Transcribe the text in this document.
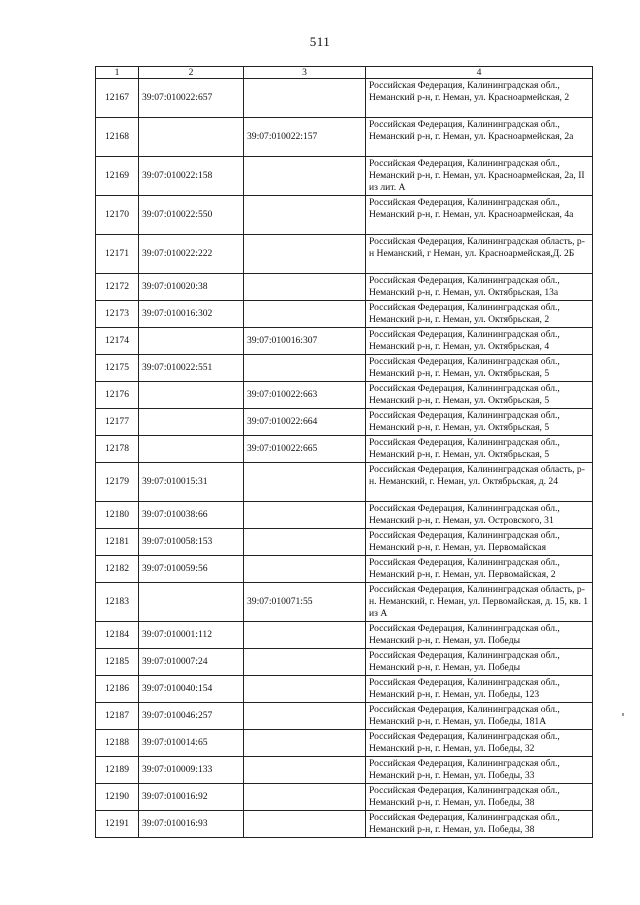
511
1	2	3	4
12167	39:07:010022:657		Российская Федерация, Калининградская обл., Неманский р-н, г. Неман, ул. Красноармейская, 2
12168		39:07:010022:157	Российская Федерация, Калининградская обл., Неманский р-н, г. Неман, ул. Красноармейская, 2а
12169	39:07:010022:158		Российская Федерация, Калининградская обл., Неманский р-н, г. Неман, ул. Красноармейская, 2а, II из лит. А
12170	39:07:010022:550		Российская Федерация, Калининградская обл., Неманский р-н, г. Неман, ул. Красноармейская, 4а
12171	39:07:010022:222		Российская Федерация, Калининградская область, р-н Неманский, г Неман, ул. Красноармейская,Д. 2Б
12172	39:07:010020:38		Российская Федерация, Калининградская обл., Неманский р-н, г. Неман, ул. Октябрьская, 13а
12173	39:07:010016:302		Российская Федерация, Калининградская обл., Неманский р-н, г. Неман, ул. Октябрьская, 2
12174		39:07:010016:307	Российская Федерация, Калининградская обл., Неманский р-н, г. Неман, ул. Октябрьская, 4
12175	39:07:010022:551		Российская Федерация, Калининградская обл., Неманский р-н, г. Неман, ул. Октябрьская, 5
12176		39:07:010022:663	Российская Федерация, Калининградская обл., Неманский р-н, г. Неман, ул. Октябрьская, 5
12177		39:07:010022:664	Российская Федерация, Калининградская обл., Неманский р-н, г. Неман, ул. Октябрьская, 5
12178		39:07:010022:665	Российская Федерация, Калининградская обл., Неманский р-н, г. Неман, ул. Октябрьская, 5
12179	39:07:010015:31		Российская Федерация, Калининградская область, р-н. Неманский, г. Неман, ул. Октябрьская, д. 24
12180	39:07:010038:66		Российская Федерация, Калининградская обл., Неманский р-н, г. Неман, ул. Островского, 31
12181	39:07:010058:153		Российская Федерация, Калининградская обл., Неманский р-н, г. Неман, ул. Первомайская
12182	39:07:010059:56		Российская Федерация, Калининградская обл., Неманский р-н, г. Неман, ул. Первомайская, 2
12183		39:07:010071:55	Российская Федерация, Калининградская область, р-н. Неманский, г. Неман, ул. Первомайская, д. 15, кв. 1 из А
12184	39:07:010001:112		Российская Федерация, Калининградская обл., Неманский р-н, г. Неман, ул. Победы
12185	39:07:010007:24		Российская Федерация, Калининградская обл., Неманский р-н, г. Неман, ул. Победы
12186	39:07:010040:154		Российская Федерация, Калининградская обл., Неманский р-н, г. Неман, ул. Победы, 123
12187	39:07:010046:257		Российская Федерация, Калининградская обл., Неманский р-н, г. Неман, ул. Победы, 181А
12188	39:07:010014:65		Российская Федерация, Калининградская обл., Неманский р-н, г. Неман, ул. Победы, 32
12189	39:07:010009:133		Российская Федерация, Калининградская обл., Неманский р-н, г. Неман, ул. Победы, 33
12190	39:07:010016:92		Российская Федерация, Калининградская обл., Неманский р-н, г. Неман, ул. Победы, 38
12191	39:07:010016:93		Российская Федерация, Калининградская обл., Неманский р-н, г. Неман, ул. Победы, 38
